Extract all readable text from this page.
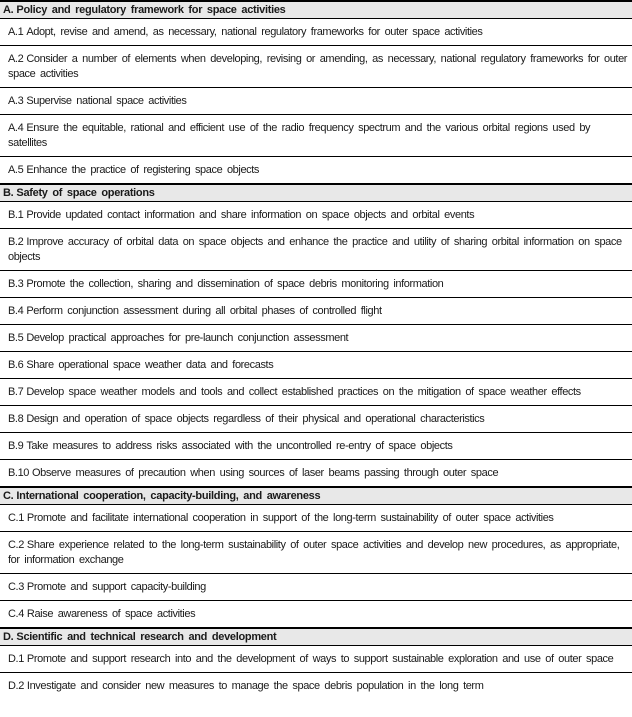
A. Policy and regulatory framework for space activities
A.1 Adopt, revise and amend, as necessary, national regulatory frameworks for outer space activities
A.2 Consider a number of elements when developing, revising or amending, as necessary, national regulatory frameworks for outer space activities
A.3 Supervise national space activities
A.4 Ensure the equitable, rational and efficient use of the radio frequency spectrum and the various orbital regions used by satellites
A.5 Enhance the practice of registering space objects
B. Safety of space operations
B.1 Provide updated contact information and share information on space objects and orbital events
B.2 Improve accuracy of orbital data on space objects and enhance the practice and utility of sharing orbital information on space objects
B.3 Promote the collection, sharing and dissemination of space debris monitoring information
B.4 Perform conjunction assessment during all orbital phases of controlled flight
B.5 Develop practical approaches for pre-launch conjunction assessment
B.6 Share operational space weather data and forecasts
B.7 Develop space weather models and tools and collect established practices on the mitigation of space weather effects
B.8 Design and operation of space objects regardless of their physical and operational characteristics
B.9 Take measures to address risks associated with the uncontrolled re-entry of space objects
B.10 Observe measures of precaution when using sources of laser beams passing through outer space
C. International cooperation, capacity-building, and awareness
C.1 Promote and facilitate international cooperation in support of the long-term sustainability of outer space activities
C.2 Share experience related to the long-term sustainability of outer space activities and develop new procedures, as appropriate, for information exchange
C.3 Promote and support capacity-building
C.4 Raise awareness of space activities
D. Scientific and technical research and development
D.1 Promote and support research into and the development of ways to support sustainable exploration and use of outer space
D.2 Investigate and consider new measures to manage the space debris population in the long term
